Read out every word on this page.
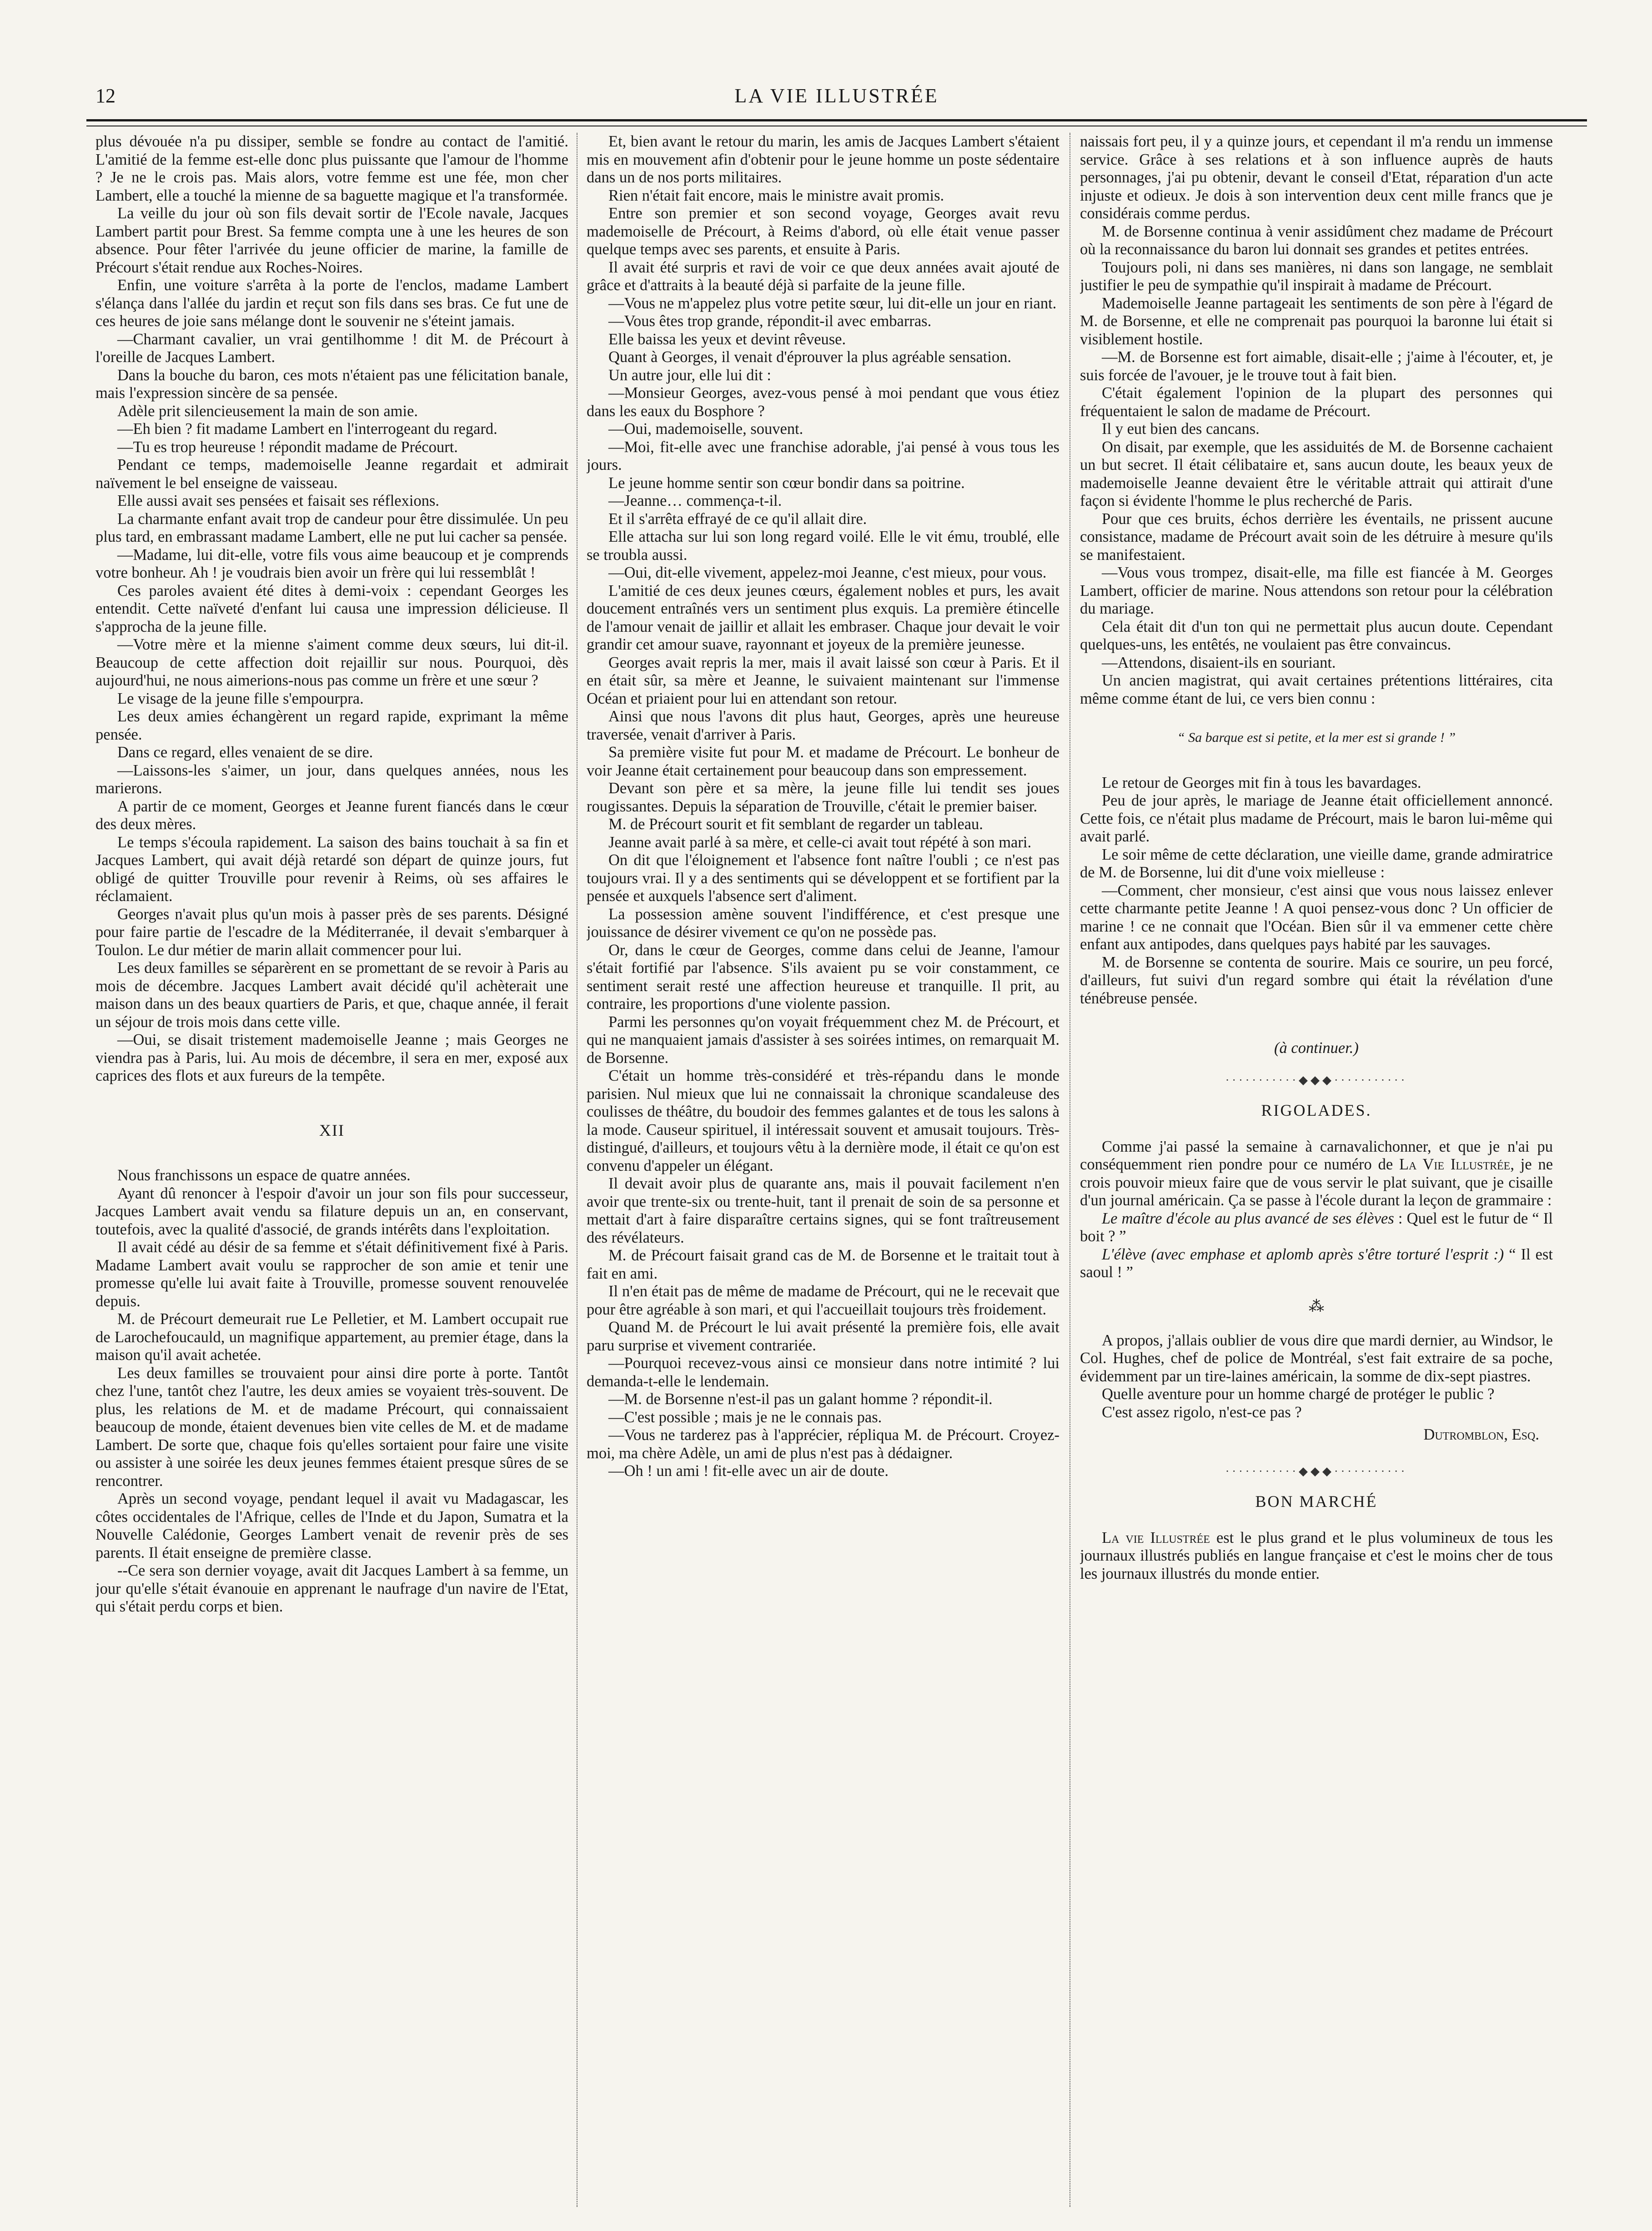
12	LA VIE ILLUSTRÉE

plus dévouée n'a pu dissiper, semble se fondre au contact de l'amitié. L'amitié de la femme est-elle donc plus puissante que l'amour de l'homme ? Je ne le crois pas. Mais alors, votre femme est une fée, mon cher Lambert, elle a touché la mienne de sa baguette magique et l'a transformée.

La veille du jour où son fils devait sortir de l'Ecole navale, Jacques Lambert partit pour Brest. Sa femme compta une à une les heures de son absence. Pour fêter l'arrivée du jeune officier de marine, la famille de Précourt s'était rendue aux Roches-Noires.

Enfin, une voiture s'arrêta à la porte de l'enclos, madame Lambert s'élança dans l'allée du jardin et reçut son fils dans ses bras. Ce fut une de ces heures de joie sans mélange dont le souvenir ne s'éteint jamais.

—Charmant cavalier, un vrai gentilhomme ! dit M. de Précourt à l'oreille de Jacques Lambert.

Dans la bouche du baron, ces mots n'étaient pas une félicitation banale, mais l'expression sincère de sa pensée.

Adèle prit silencieusement la main de son amie.

—Eh bien ? fit madame Lambert en l'interrogeant du regard.

—Tu es trop heureuse ! répondit madame de Précourt.

Pendant ce temps, mademoiselle Jeanne regardait et admirait naïvement le bel enseigne de vaisseau.

Elle aussi avait ses pensées et faisait ses réflexions.

La charmante enfant avait trop de candeur pour être dissimulée. Un peu plus tard, en embrassant madame Lambert, elle ne put lui cacher sa pensée.

—Madame, lui dit-elle, votre fils vous aime beaucoup et je comprends votre bonheur. Ah ! je voudrais bien avoir un frère qui lui ressemblât !

Ces paroles avaient été dites à demi-voix : cependant Georges les entendit. Cette naïveté d'enfant lui causa une impression délicieuse. Il s'approcha de la jeune fille.

—Votre mère et la mienne s'aiment comme deux sœurs, lui dit-il. Beaucoup de cette affection doit rejaillir sur nous. Pourquoi, dès aujourd'hui, ne nous aimerions-nous pas comme un frère et une sœur ?

Le visage de la jeune fille s'empourpra.

Les deux amies échangèrent un regard rapide, exprimant la même pensée.

Dans ce regard, elles venaient de se dire.

—Laissons-les s'aimer, un jour, dans quelques années, nous les marierons.

A partir de ce moment, Georges et Jeanne furent fiancés dans le cœur des deux mères.

Le temps s'écoula rapidement. La saison des bains touchait à sa fin et Jacques Lambert, qui avait déjà retardé son départ de quinze jours, fut obligé de quitter Trouville pour revenir à Reims, où ses affaires le réclamaient.

Georges n'avait plus qu'un mois à passer près de ses parents. Désigné pour faire partie de l'escadre de la Méditerranée, il devait s'embarquer à Toulon. Le dur métier de marin allait commencer pour lui.

Les deux familles se séparèrent en se promettant de se revoir à Paris au mois de décembre. Jacques Lambert avait décidé qu'il achèterait une maison dans un des beaux quartiers de Paris, et que, chaque année, il ferait un séjour de trois mois dans cette ville.

—Oui, se disait tristement mademoiselle Jeanne ; mais Georges ne viendra pas à Paris, lui. Au mois de décembre, il sera en mer, exposé aux caprices des flots et aux fureurs de la tempête.

XII

Nous franchissons un espace de quatre années.

Ayant dû renoncer à l'espoir d'avoir un jour son fils pour successeur, Jacques Lambert avait vendu sa filature depuis un an, en conservant, toutefois, avec la qualité d'associé, de grands intérêts dans l'exploitation.

Il avait cédé au désir de sa femme et s'était définitivement fixé à Paris. Madame Lambert avait voulu se rapprocher de son amie et tenir une promesse qu'elle lui avait faite à Trouville, promesse souvent renouvelée depuis.

M. de Précourt demeurait rue Le Pelletier, et M. Lambert occupait rue de Larochefoucauld, un magnifique appartement, au premier étage, dans la maison qu'il avait achetée.

Les deux familles se trouvaient pour ainsi dire porte à porte. Tantôt chez l'une, tantôt chez l'autre, les deux amies se voyaient très-souvent. De plus, les relations de M. et de madame Précourt, qui connaissaient beaucoup de monde, étaient devenues bien vite celles de M. et de madame Lambert. De sorte que, chaque fois qu'elles sortaient pour faire une visite ou assister à une soirée les deux jeunes femmes étaient presque sûres de se rencontrer.

Après un second voyage, pendant lequel il avait vu Madagascar, les côtes occidentales de l'Afrique, celles de l'Inde et du Japon, Sumatra et la Nouvelle Calédonie, Georges Lambert venait de revenir près de ses parents. Il était enseigne de première classe.

--Ce sera son dernier voyage, avait dit Jacques Lambert à sa femme, un jour qu'elle s'était évanouie en apprenant le naufrage d'un navire de l'Etat, qui s'était perdu corps et bien.

Et, bien avant le retour du marin, les amis de Jacques Lambert s'étaient mis en mouvement afin d'obtenir pour le jeune homme un poste sédentaire dans un de nos ports militaires.

Rien n'était fait encore, mais le ministre avait promis.

Entre son premier et son second voyage, Georges avait revu mademoiselle de Précourt, à Reims d'abord, où elle était venue passer quelque temps avec ses parents, et ensuite à Paris.

Il avait été surpris et ravi de voir ce que deux années avait ajouté de grâce et d'attraits à la beauté déjà si parfaite de la jeune fille.

—Vous ne m'appelez plus votre petite sœur, lui dit-elle un jour en riant.

—Vous êtes trop grande, répondit-il avec embarras.

Elle baissa les yeux et devint rêveuse.

Quant à Georges, il venait d'éprouver la plus agréable sensation.

Un autre jour, elle lui dit :

—Monsieur Georges, avez-vous pensé à moi pendant que vous étiez dans les eaux du Bosphore ?

—Oui, mademoiselle, souvent.

—Moi, fit-elle avec une franchise adorable, j'ai pensé à vous tous les jours.

Le jeune homme sentir son cœur bondir dans sa poitrine.

—Jeanne… commença-t-il.

Et il s'arrêta effrayé de ce qu'il allait dire.

Elle attacha sur lui son long regard voilé. Elle le vit ému, troublé, elle se troubla aussi.

—Oui, dit-elle vivement, appelez-moi Jeanne, c'est mieux, pour vous.

L'amitié de ces deux jeunes cœurs, également nobles et purs, les avait doucement entraînés vers un sentiment plus exquis. La première étincelle de l'amour venait de jaillir et allait les embraser. Chaque jour devait le voir grandir cet amour suave, rayonnant et joyeux de la première jeunesse.

Georges avait repris la mer, mais il avait laissé son cœur à Paris. Et il en était sûr, sa mère et Jeanne, le suivaient maintenant sur l'immense Océan et priaient pour lui en attendant son retour.

Ainsi que nous l'avons dit plus haut, Georges, après une heureuse traversée, venait d'arriver à Paris.

Sa première visite fut pour M. et madame de Précourt. Le bonheur de voir Jeanne était certainement pour beaucoup dans son empressement.

Devant son père et sa mère, la jeune fille lui tendit ses joues rougissantes. Depuis la séparation de Trouville, c'était le premier baiser.

M. de Précourt sourit et fit semblant de regarder un tableau.

Jeanne avait parlé à sa mère, et celle-ci avait tout répété à son mari.

On dit que l'éloignement et l'absence font naître l'oubli ; ce n'est pas toujours vrai. Il y a des sentiments qui se développent et se fortifient par la pensée et auxquels l'absence sert d'aliment.

La possession amène souvent l'indifférence, et c'est presque une jouissance de désirer vivement ce qu'on ne possède pas.

Or, dans le cœur de Georges, comme dans celui de Jeanne, l'amour s'était fortifié par l'absence. S'ils avaient pu se voir constamment, ce sentiment serait resté une affection heureuse et tranquille. Il prit, au contraire, les proportions d'une violente passion.

Parmi les personnes qu'on voyait fréquemment chez M. de Précourt, et qui ne manquaient jamais d'assister à ses soirées intimes, on remarquait M. de Borsenne.

C'était un homme très-considéré et très-répandu dans le monde parisien. Nul mieux que lui ne connaissait la chronique scandaleuse des coulisses de théâtre, du boudoir des femmes galantes et de tous les salons à la mode. Causeur spirituel, il intéressait souvent et amusait toujours. Très-distingué, d'ailleurs, et toujours vêtu à la dernière mode, il était ce qu'on est convenu d'appeler un élégant.

Il devait avoir plus de quarante ans, mais il pouvait facilement n'en avoir que trente-six ou trente-huit, tant il prenait de soin de sa personne et mettait d'art à faire disparaître certains signes, qui se font traîtreusement des révélateurs.

M. de Précourt faisait grand cas de M. de Borsenne et le traitait tout à fait en ami.

Il n'en était pas de même de madame de Précourt, qui ne le recevait que pour être agréable à son mari, et qui l'accueillait toujours très froidement.

Quand M. de Précourt le lui avait présenté la première fois, elle avait paru surprise et vivement contrariée.

—Pourquoi recevez-vous ainsi ce monsieur dans notre intimité ? lui demanda-t-elle le lendemain.

—M. de Borsenne n'est-il pas un galant homme ? répondit-il.

—C'est possible ; mais je ne le connais pas.

—Vous ne tarderez pas à l'apprécier, répliqua M. de Précourt. Croyez-moi, ma chère Adèle, un ami de plus n'est pas à dédaigner.

—Oh ! un ami ! fit-elle avec un air de doute.

naissais fort peu, il y a quinze jours, et cependant il m'a rendu un immense service. Grâce à ses relations et à son influence auprès de hauts personnages, j'ai pu obtenir, devant le conseil d'Etat, réparation d'un acte injuste et odieux. Je dois à son intervention deux cent mille francs que je considérais comme perdus.

M. de Borsenne continua à venir assidûment chez madame de Précourt où la reconnaissance du baron lui donnait ses grandes et petites entrées.

Toujours poli, ni dans ses manières, ni dans son langage, ne semblait justifier le peu de sympathie qu'il inspirait à madame de Précourt.

Mademoiselle Jeanne partageait les sentiments de son père à l'égard de M. de Borsenne, et elle ne comprenait pas pourquoi la baronne lui était si visiblement hostile.

—M. de Borsenne est fort aimable, disait-elle ; j'aime à l'écouter, et, je suis forcée de l'avouer, je le trouve tout à fait bien.

C'était également l'opinion de la plupart des personnes qui fréquentaient le salon de madame de Précourt.

Il y eut bien des cancans.

On disait, par exemple, que les assiduités de M. de Borsenne cachaient un but secret. Il était célibataire et, sans aucun doute, les beaux yeux de mademoiselle Jeanne devaient être le véritable attrait qui attirait d'une façon si évidente l'homme le plus recherché de Paris.

Pour que ces bruits, échos derrière les éventails, ne prissent aucune consistance, madame de Précourt avait soin de les détruire à mesure qu'ils se manifestaient.

—Vous vous trompez, disait-elle, ma fille est fiancée à M. Georges Lambert, officier de marine. Nous attendons son retour pour la célébration du mariage.

Cela était dit d'un ton qui ne permettait plus aucun doute. Cependant quelques-uns, les entêtés, ne voulaient pas être convaincus.

—Attendons, disaient-ils en souriant.

Un ancien magistrat, qui avait certaines prétentions littéraires, cita même comme étant de lui, ce vers bien connu :

“ Sa barque est si petite, et la mer est si grande ! ”

Le retour de Georges mit fin à tous les bavardages.

Peu de jour après, le mariage de Jeanne était officiellement annoncé. Cette fois, ce n'était plus madame de Précourt, mais le baron lui-même qui avait parlé.

Le soir même de cette déclaration, une vieille dame, grande admiratrice de M. de Borsenne, lui dit d'une voix mielleuse :

—Comment, cher monsieur, c'est ainsi que vous nous laissez enlever cette charmante petite Jeanne ! A quoi pensez-vous donc ? Un officier de marine ! ce ne connait que l'Océan. Bien sûr il va emmener cette chère enfant aux antipodes, dans quelques pays habité par les sauvages.

M. de Borsenne se contenta de sourire. Mais ce sourire, un peu forcé, d'ailleurs, fut suivi d'un regard sombre qui était la révélation d'une ténébreuse pensée.

(à continuer.)
···········◆◆◆···········
RIGOLADES.

Comme j'ai passé la semaine à carnavalichonner, et que je n'ai pu conséquemment rien pondre pour ce numéro de La Vie Illustrée, je ne crois pouvoir mieux faire que de vous servir le plat suivant, que je cisaille d'un journal américain. Ça se passe à l'école durant la leçon de grammaire :

Le maître d'école au plus avancé de ses élèves : Quel est le futur de “ Il boit ? ”

L'élève (avec emphase et aplomb après s'être torturé l'esprit :) “ Il est saoul ! ”

⁂

A propos, j'allais oublier de vous dire que mardi dernier, au Windsor, le Col. Hughes, chef de police de Montréal, s'est fait extraire de sa poche, évidemment par un tire-laines américain, la somme de dix-sept piastres.

Quelle aventure pour un homme chargé de protéger le public ?

C'est assez rigolo, n'est-ce pas ?

Dutromblon, Esq.
···········◆◆◆···········
BON MARCHÉ

La vie Illustrée est le plus grand et le plus volumineux de tous les journaux illustrés publiés en langue française et c'est le moins cher de tous les journaux illustrés du monde entier.
